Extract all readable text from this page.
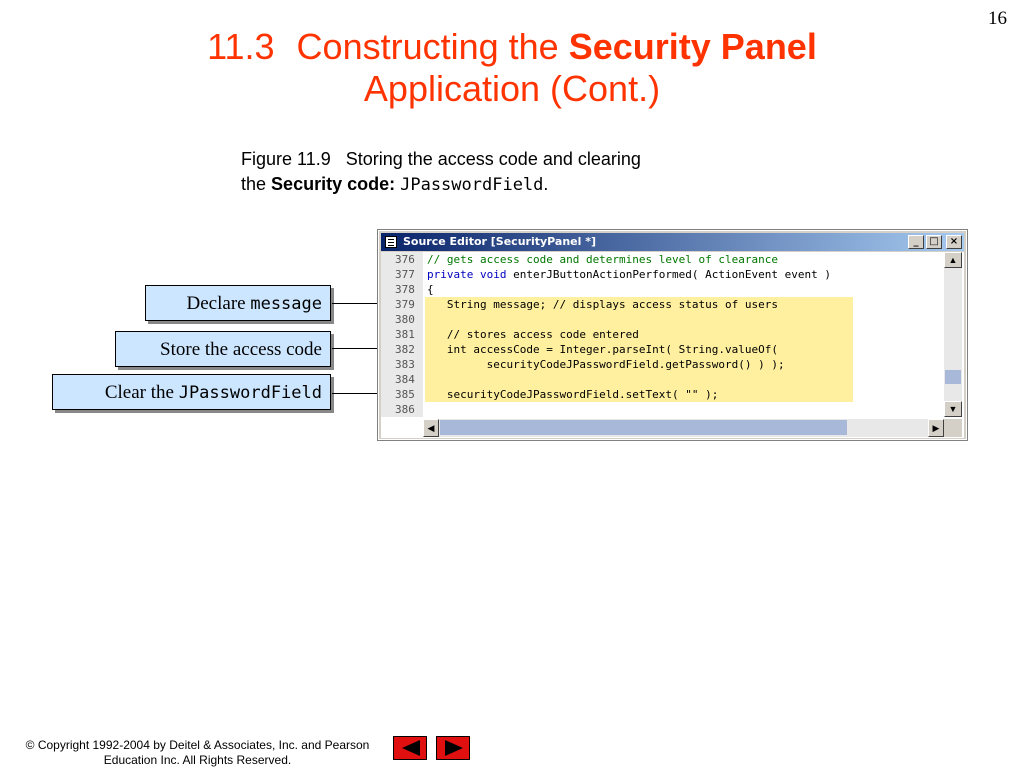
16
11.3 Constructing the Security Panel
Application (Cont.)
Figure 11.9 Storing the access code and clearing
the Security code: JPasswordField.
Declare message
Store the access code
Clear the JPasswordField
Source Editor [SecurityPanel *]	_	□	×
376	// gets access code and determines level of clearance
377	private void enterJButtonActionPerformed( ActionEvent event )
378	{
379	String message; // displays access status of users
380
381	// stores access code entered
382	int accessCode = Integer.parseInt( String.valueOf(
383	securityCodeJPasswordField.getPassword() ) );
384
385	securityCodeJPasswordField.setText( "" );
386
▲
▼
◀	▶
© Copyright 1992-2004 by Deitel & Associates, Inc. and Pearson
Education Inc. All Rights Reserved.
